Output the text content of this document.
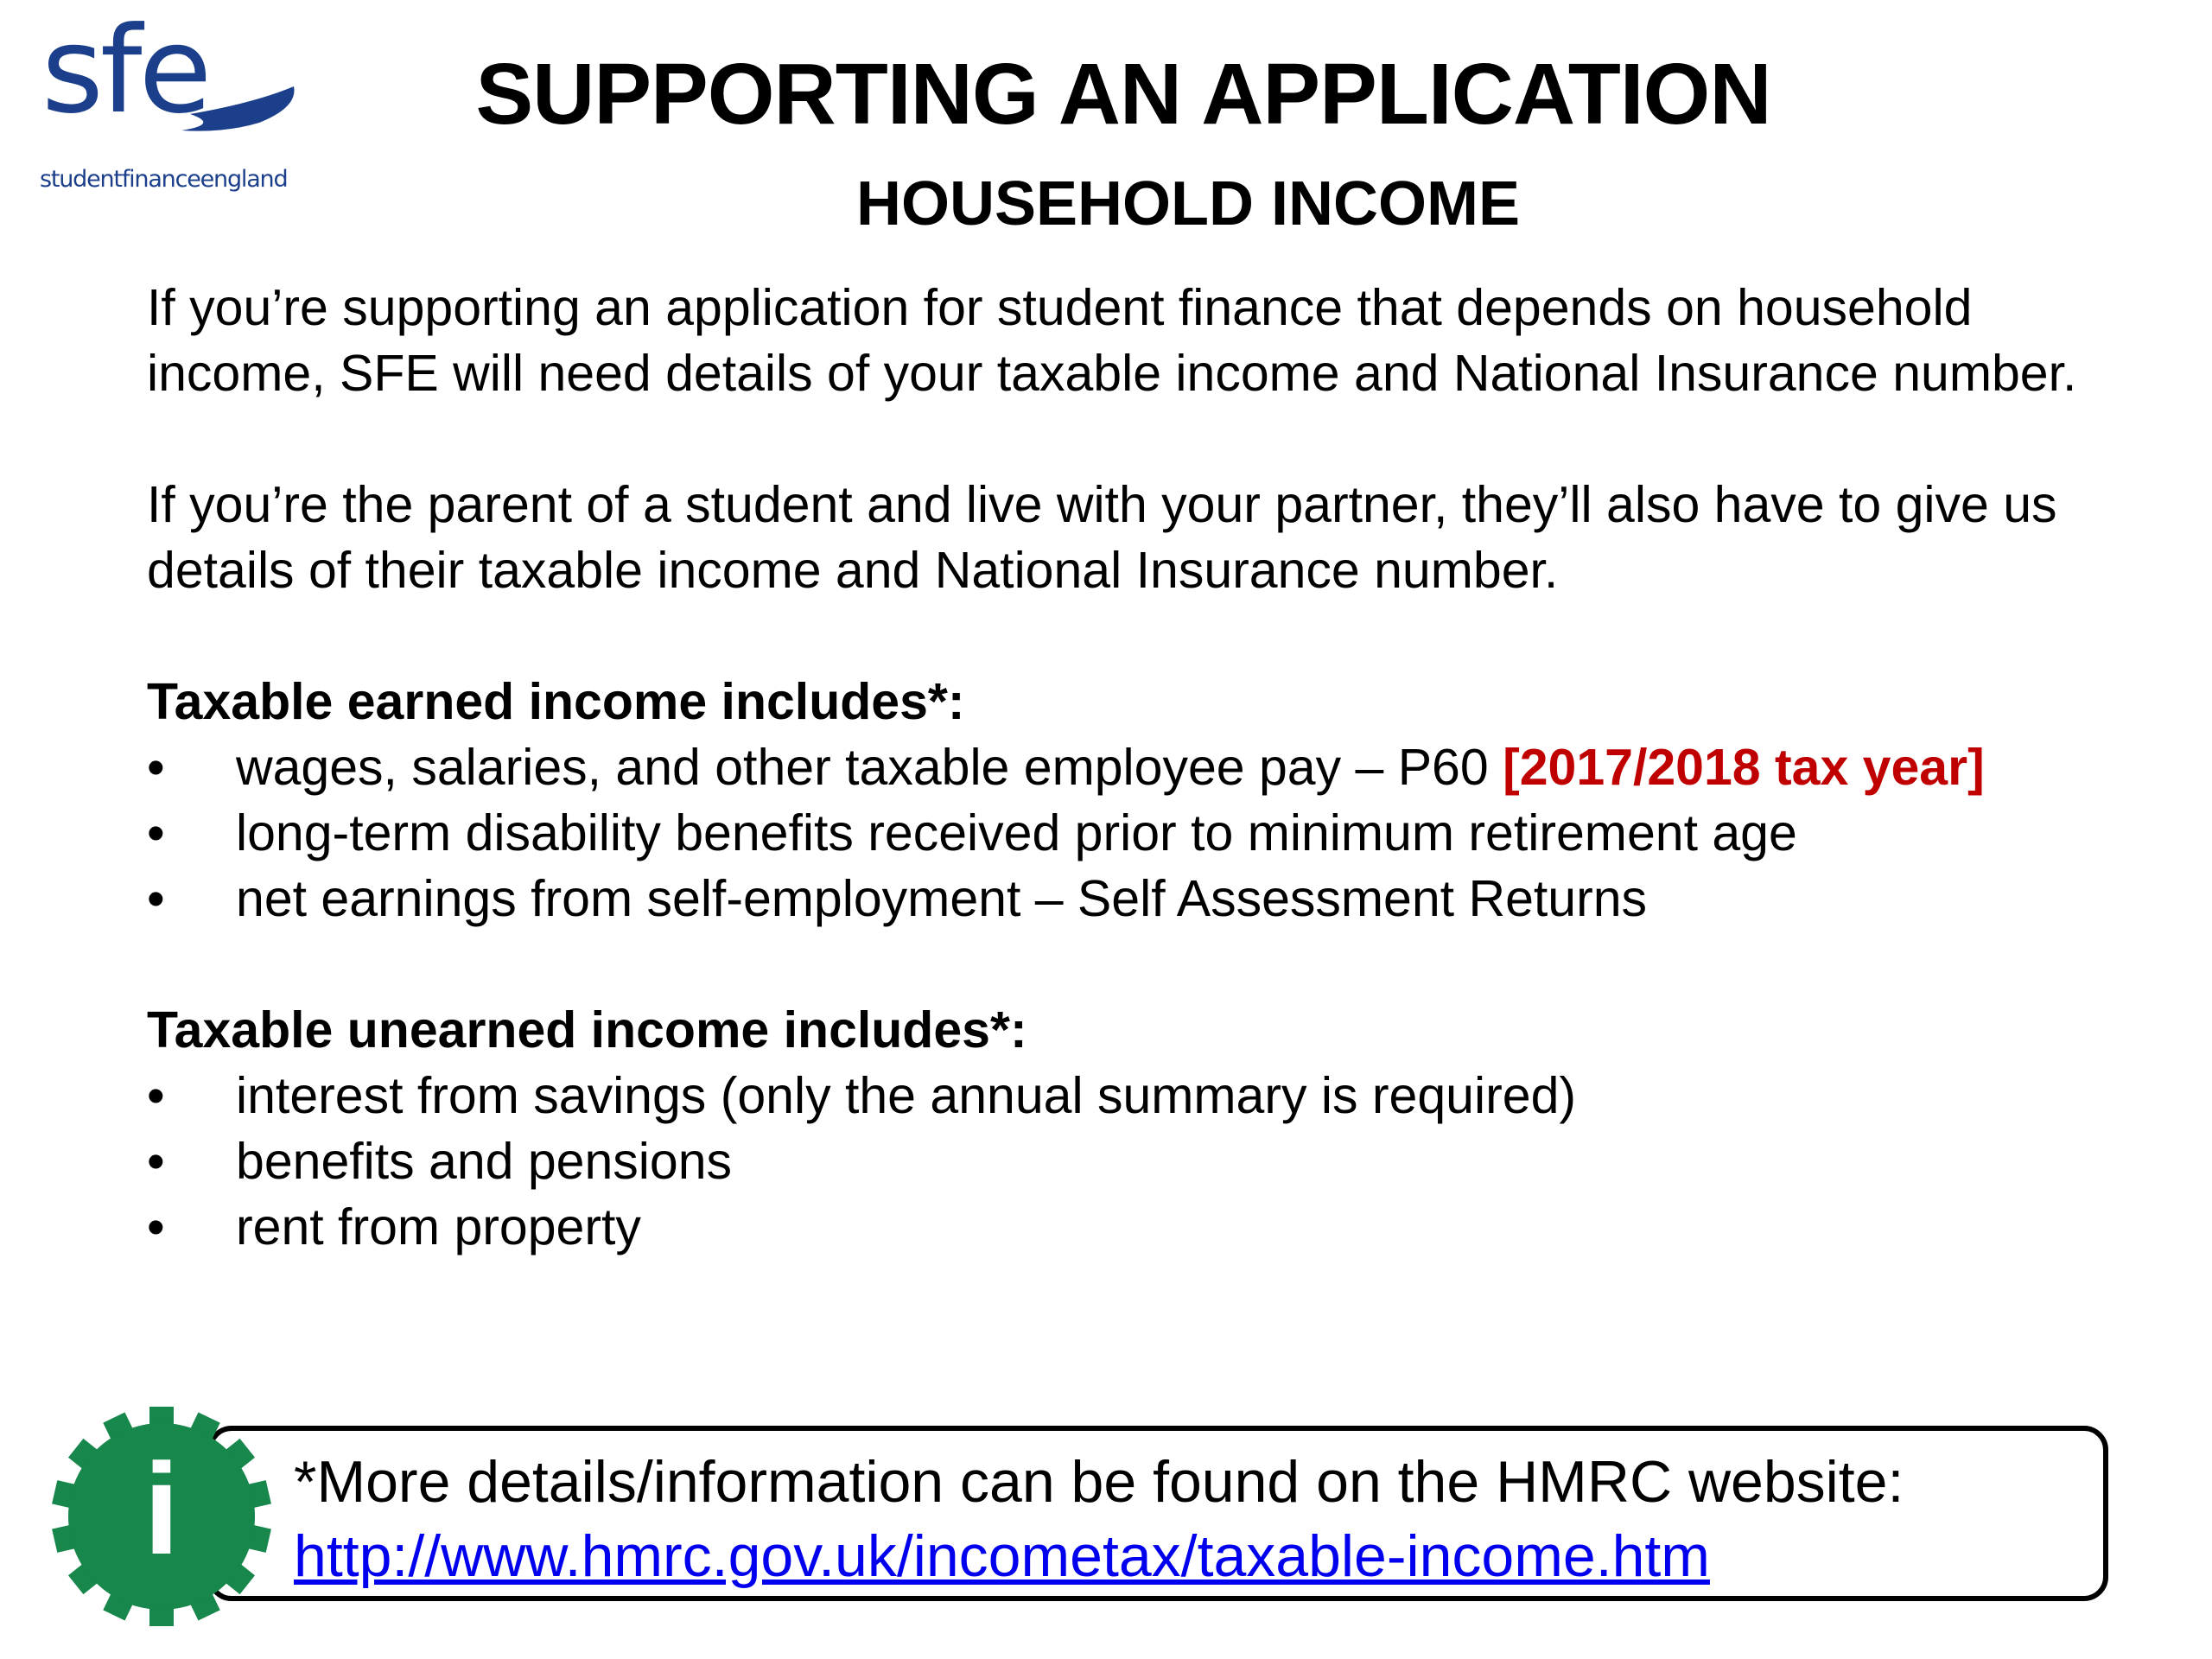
sfe
studentfinanceengland
SUPPORTING AN APPLICATION
HOUSEHOLD INCOME

If you’re supporting an application for student finance that depends on household income, SFE will need details of your taxable income and National Insurance number.

If you’re the parent of a student and live with your partner, they’ll also have to give us details of their taxable income and National Insurance number.

Taxable earned income includes*:

• wages, salaries, and other taxable employee pay – P60 [2017/2018 tax year]
• long-term disability benefits received prior to minimum retirement age
• net earnings from self-employment – Self Assessment Returns

Taxable unearned income includes*:

• interest from savings (only the annual summary is required)
• benefits and pensions
• rent from property
*More details/information can be found on the HMRC website:
http://www.hmrc.gov.uk/incometax/taxable-income.htm
i
